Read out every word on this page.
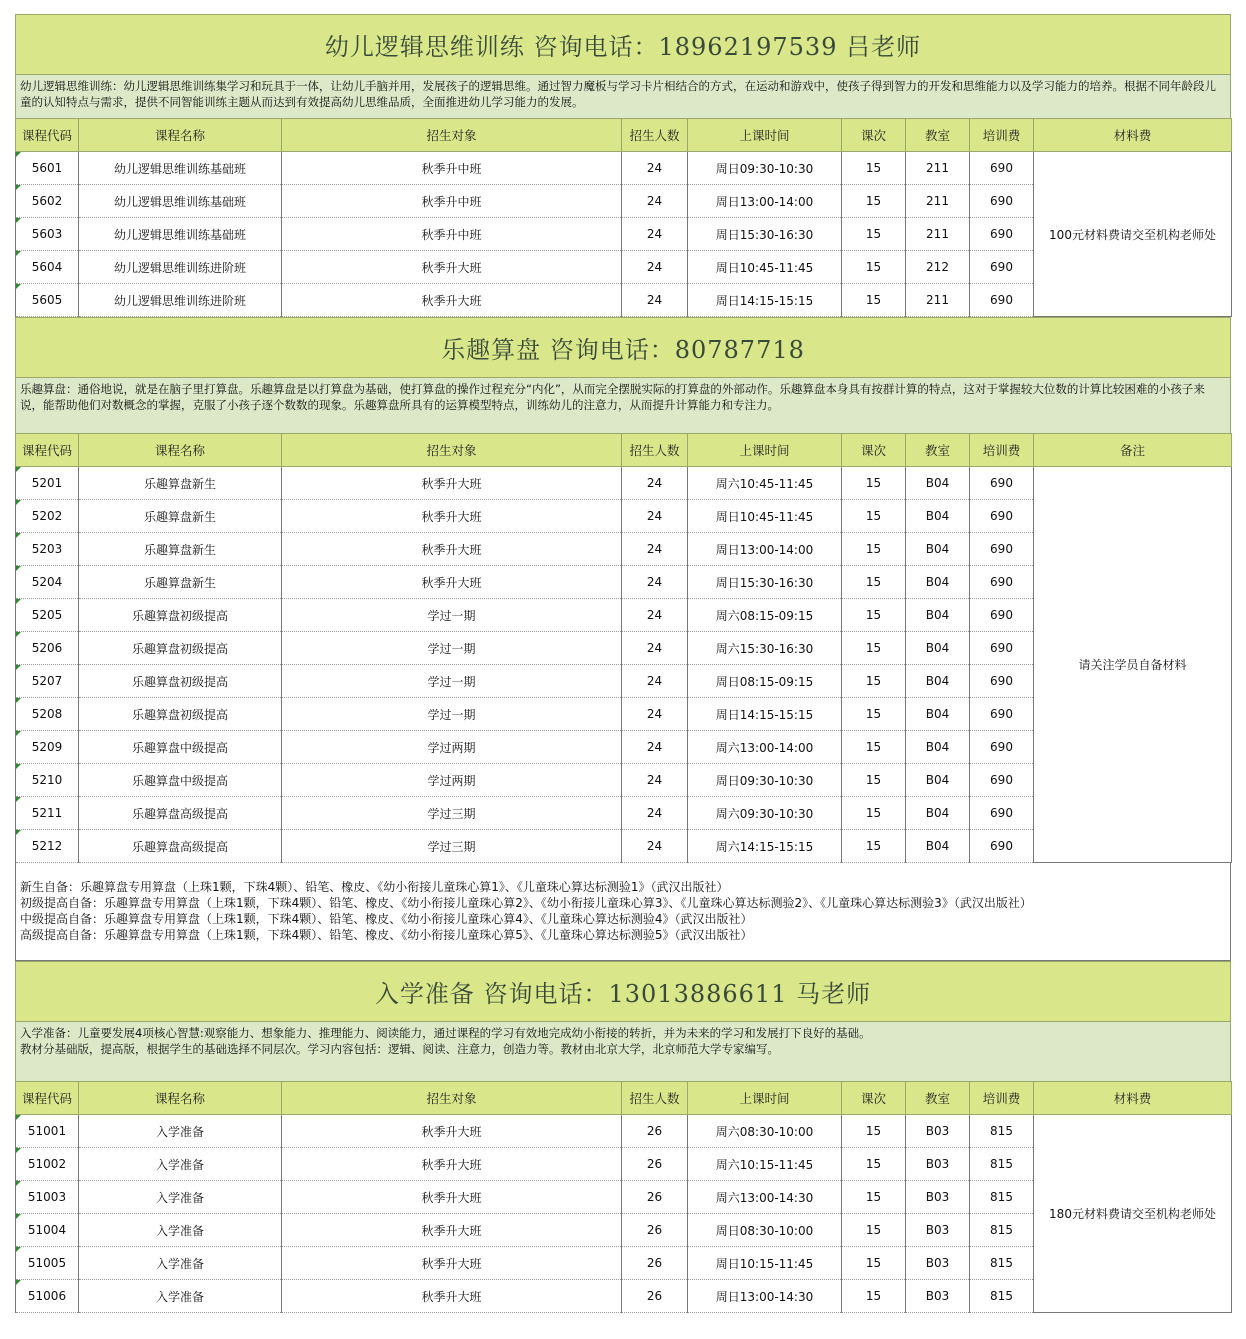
幼儿逻辑思维训练 咨询电话：18962197539 吕老师
幼儿逻辑思维训练：幼儿逻辑思维训练集学习和玩具于一体，让幼儿手脑并用，发展孩子的逻辑思维。通过智力魔板与学习卡片相结合的方式，在运动和游戏中，使孩子得到智力的开发和思维能力以及学习能力的培养。根据不同年龄段儿童的认知特点与需求，提供不同智能训练主题从而达到有效提高幼儿思维品质，全面推进幼儿学习能力的发展。
课程代码	课程名称	招生对象	招生人数	上课时间	课次	教室	培训费	材料费
5601	幼儿逻辑思维训练基础班	秋季升中班	24	周日09:30-10:30	15	211	690	100元材料费请交至机构老师处
5602	幼儿逻辑思维训练基础班	秋季升中班	24	周日13:00-14:00	15	211	690	
5603	幼儿逻辑思维训练基础班	秋季升中班	24	周日15:30-16:30	15	211	690	
5604	幼儿逻辑思维训练进阶班	秋季升大班	24	周日10:45-11:45	15	212	690	
5605	幼儿逻辑思维训练进阶班	秋季升大班	24	周日14:15-15:15	15	211	690	
乐趣算盘 咨询电话：80787718
乐趣算盘：通俗地说，就是在脑子里打算盘。乐趣算盘是以打算盘为基础，使打算盘的操作过程充分“内化”，从而完全摆脱实际的打算盘的外部动作。乐趣算盘本身具有按群计算的特点，这对于掌握较大位数的计算比较困难的小孩子来说，能帮助他们对数概念的掌握，克服了小孩子逐个数数的现象。乐趣算盘所具有的运算模型特点，训练幼儿的注意力，从而提升计算能力和专注力。
课程代码	课程名称	招生对象	招生人数	上课时间	课次	教室	培训费	备注
5201	乐趣算盘新生	秋季升大班	24	周六10:45-11:45	15	B04	690	请关注学员自备材料
5202	乐趣算盘新生	秋季升大班	24	周日10:45-11:45	15	B04	690	
5203	乐趣算盘新生	秋季升大班	24	周日13:00-14:00	15	B04	690	
5204	乐趣算盘新生	秋季升大班	24	周日15:30-16:30	15	B04	690	
5205	乐趣算盘初级提高	学过一期	24	周六08:15-09:15	15	B04	690	
5206	乐趣算盘初级提高	学过一期	24	周六15:30-16:30	15	B04	690	
5207	乐趣算盘初级提高	学过一期	24	周日08:15-09:15	15	B04	690	
5208	乐趣算盘初级提高	学过一期	24	周日14:15-15:15	15	B04	690	
5209	乐趣算盘中级提高	学过两期	24	周六13:00-14:00	15	B04	690	
5210	乐趣算盘中级提高	学过两期	24	周日09:30-10:30	15	B04	690	
5211	乐趣算盘高级提高	学过三期	24	周六09:30-10:30	15	B04	690	
5212	乐趣算盘高级提高	学过三期	24	周六14:15-15:15	15	B04	690	
新生自备：乐趣算盘专用算盘（上珠1颗，下珠4颗）、铅笔、橡皮、《幼小衔接儿童珠心算1》、《儿童珠心算达标测验1》（武汉出版社）
初级提高自备：乐趣算盘专用算盘（上珠1颗，下珠4颗）、铅笔、橡皮、《幼小衔接儿童珠心算2》、《幼小衔接儿童珠心算3》、《儿童珠心算达标测验2》、《儿童珠心算达标测验3》（武汉出版社）
中级提高自备：乐趣算盘专用算盘（上珠1颗，下珠4颗）、铅笔、橡皮、《幼小衔接儿童珠心算4》、《儿童珠心算达标测验4》（武汉出版社）
高级提高自备：乐趣算盘专用算盘（上珠1颗，下珠4颗）、铅笔、橡皮、《幼小衔接儿童珠心算5》、《儿童珠心算达标测验5》（武汉出版社）
入学准备 咨询电话：13013886611 马老师
入学准备：儿童要发展4项核心智慧:观察能力、想象能力、推理能力、阅读能力，通过课程的学习有效地完成幼小衔接的转折，并为未来的学习和发展打下良好的基础。
教材分基础版，提高版，根据学生的基础选择不同层次。学习内容包括：逻辑、阅读、注意力，创造力等。教材由北京大学，北京师范大学专家编写。
课程代码	课程名称	招生对象	招生人数	上课时间	课次	教室	培训费	材料费
51001	入学准备	秋季升大班	26	周六08:30-10:00	15	B03	815	180元材料费请交至机构老师处
51002	入学准备	秋季升大班	26	周六10:15-11:45	15	B03	815	
51003	入学准备	秋季升大班	26	周六13:00-14:30	15	B03	815	
51004	入学准备	秋季升大班	26	周日08:30-10:00	15	B03	815	
51005	入学准备	秋季升大班	26	周日10:15-11:45	15	B03	815	
51006	入学准备	秋季升大班	26	周日13:00-14:30	15	B03	815	
